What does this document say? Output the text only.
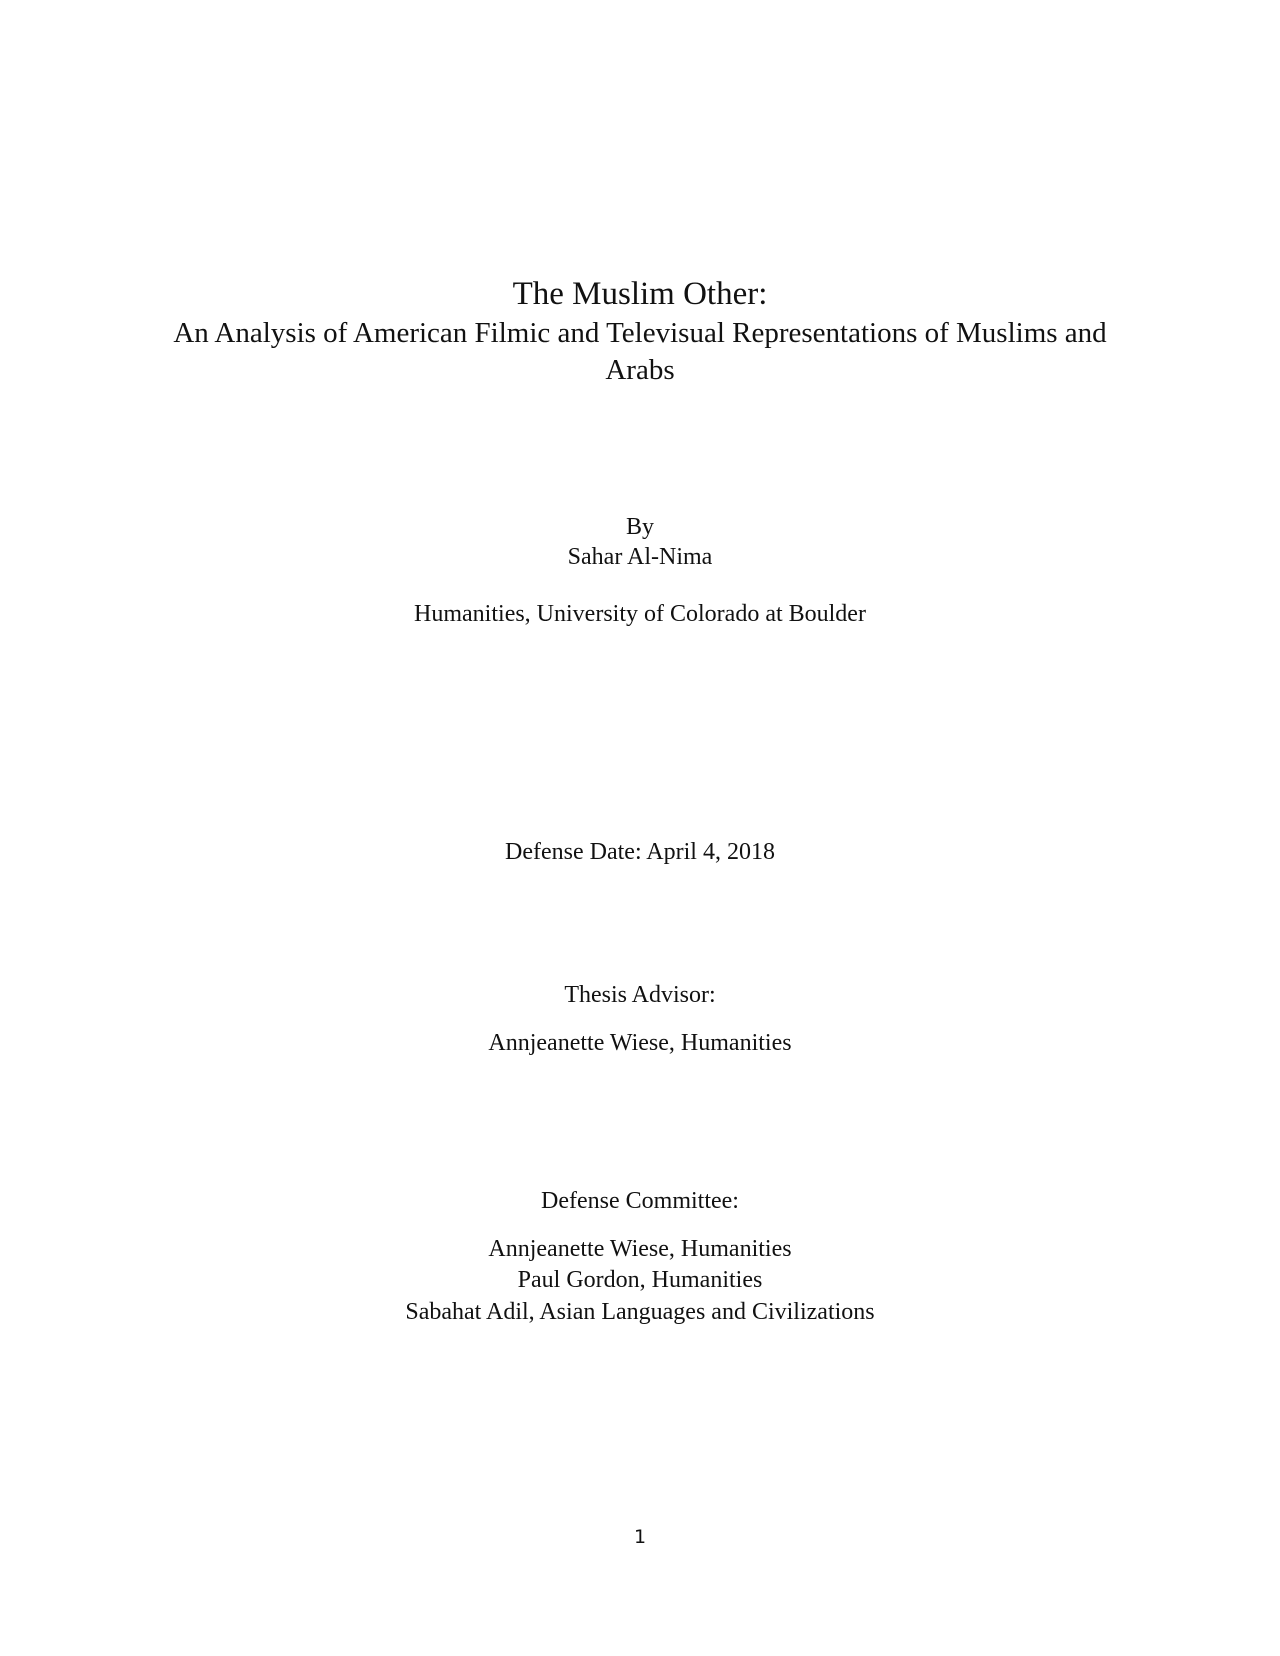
The Muslim Other:
An Analysis of American Filmic and Televisual Representations of Muslims and
Arabs
By
Sahar Al-Nima
Humanities, University of Colorado at Boulder
Defense Date: April 4, 2018
Thesis Advisor:
Annjeanette Wiese, Humanities
Defense Committee:
Annjeanette Wiese, Humanities
Paul Gordon, Humanities
Sabahat Adil, Asian Languages and Civilizations
1
